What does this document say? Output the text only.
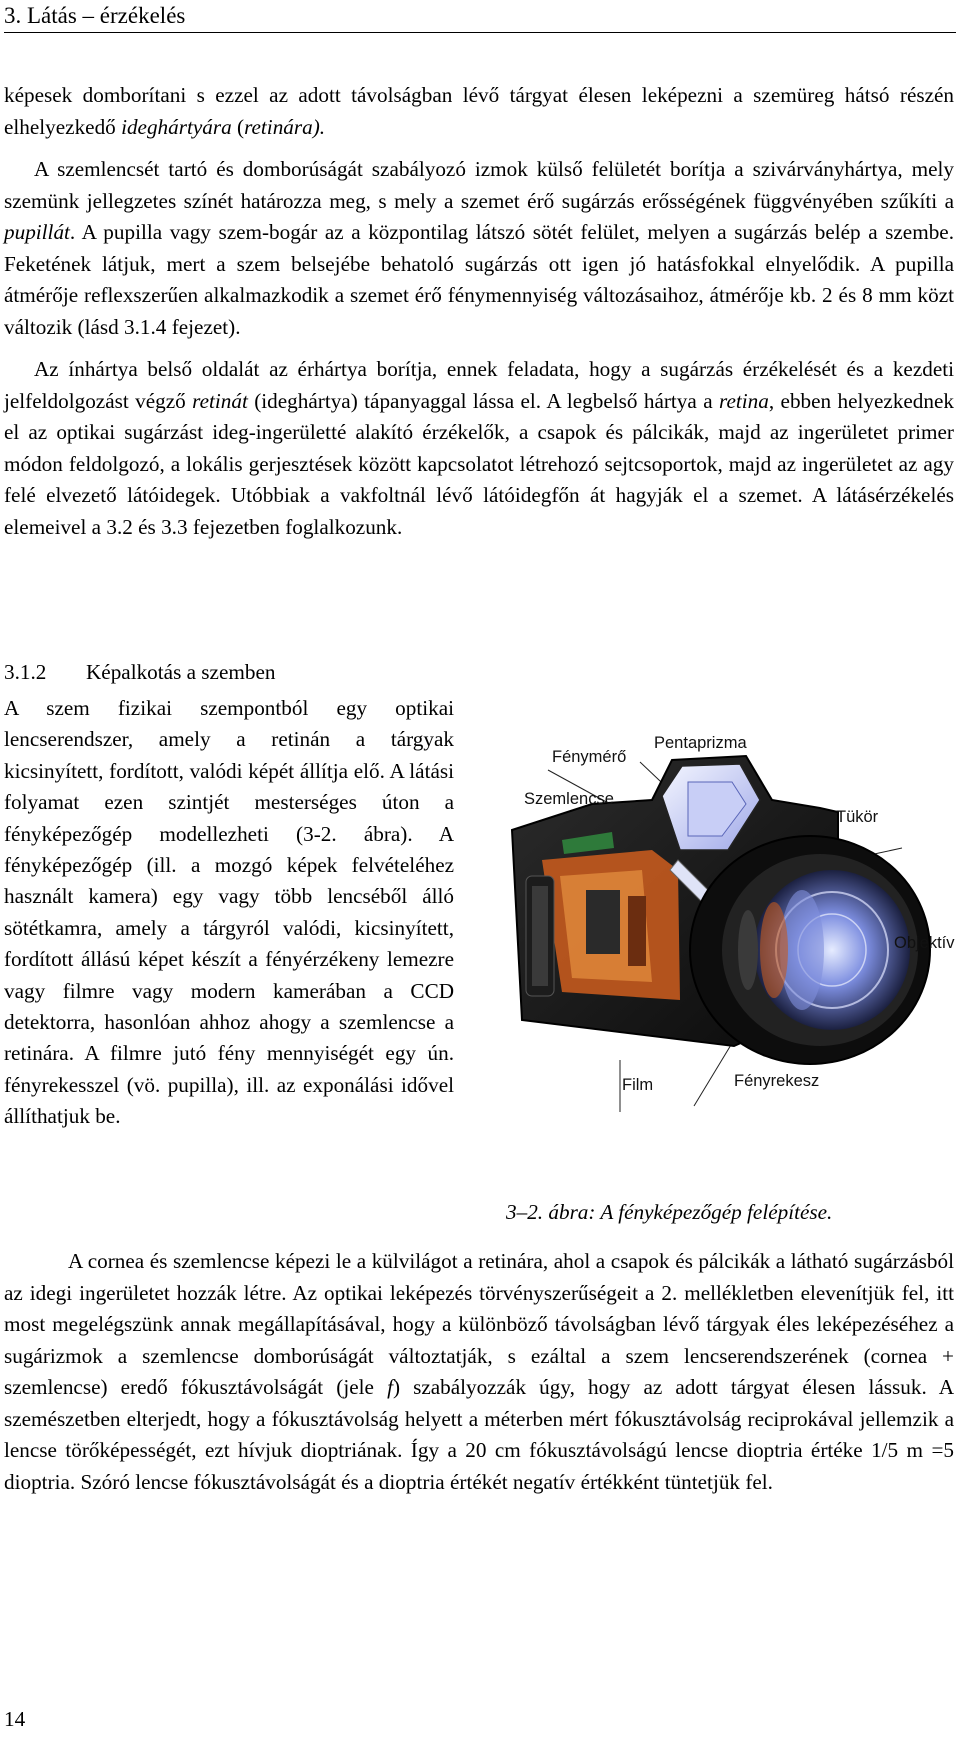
3. Látás – érzékelés

képesek domborítani s ezzel az adott távolságban lévő tárgyat élesen leképezni a szemüreg hátsó részén elhelyezkedő ideghártyára (retinára).

A szemlencsét tartó és domborúságát szabályozó izmok külső felületét borítja a szivárványhártya, mely szemünk jellegzetes színét határozza meg, s mely a szemet érő sugárzás erősségének függvényében szűkíti a pupillát. A pupilla vagy szem-bogár az a központilag látszó sötét felület, melyen a sugárzás belép a szembe. Feketének látjuk, mert a szem belsejébe behatoló sugárzás ott igen jó hatásfokkal elnyelődik. A pupilla átmérője reflexszerűen alkalmazkodik a szemet érő fénymennyiség változásaihoz, átmérője kb. 2 és 8 mm közt változik (lásd 3.1.4 fejezet).

Az ínhártya belső oldalát az érhártya borítja, ennek feladata, hogy a sugárzás érzékelését és a kezdeti jelfeldolgozást végző retinát (ideghártya) tápanyaggal lássa el. A legbelső hártya a retina, ebben helyezkednek el az optikai sugárzást ideg-ingerületté alakító érzékelők, a csapok és pálcikák, majd az ingerületet primer módon feldolgozó, a lokális gerjesztések között kapcsolatot létrehozó sejtcsoportok, majd az ingerületet az agy felé elvezető látóidegek. Utóbbiak a vakfoltnál lévő látóidegfőn át hagyják el a szemet. A látásérzékelés elemeivel a 3.2 és 3.3 fejezetben foglalkozunk.

3.1.2 Képalkotás a szemben

A szem fizikai szempontból egy optikai lencserendszer, amely a retinán a tárgyak kicsinyített, fordított, valódi képét állítja elő. A látási folyamat ezen szintjét mesterséges úton a fényképezőgép modellezheti (3-2. ábra). A fényképezőgép (ill. a mozgó képek felvételéhez használt kamera) egy vagy több lencséből álló sötétkamra, amely a tárgyról valódi, kicsinyített, fordított állású képet készít a fényérzékeny lemezre vagy filmre vagy modern kamerában a CCD detektorra, hasonlóan ahhoz ahogy a szemlencse a retinára. A filmre jutó fény mennyiségét egy ún. fényrekesszel (vö. pupilla), ill. az exponálási idővel állíthatjuk be.

Fénymérő
Pentaprizma
Szemlencse
Tükör
Objektív
Film	Fényrekesz
3–2. ábra: A fényképezőgép felépítése.

A cornea és szemlencse képezi le a külvilágot a retinára, ahol a csapok és pálcikák a látható sugárzásból az idegi ingerületet hozzák létre. Az optikai leképezés törvényszerűségeit a 2. mellékletben elevenítjük fel, itt most megelégszünk annak megállapításával, hogy a különböző távolságban lévő tárgyak éles leképezéséhez a sugárizmok a szemlencse domborúságát változtatják, s ezáltal a szem lencserendszerének (cornea + szemlencse) eredő fókusztávolságát (jele f) szabályozzák úgy, hogy az adott tárgyat élesen lássuk. A szemészetben elterjedt, hogy a fókusztávolság helyett a méterben mért fókusztávolság reciprokával jellemzik a lencse törőképességét, ezt hívjuk dioptriának. Így a 20 cm fókusztávolságú lencse dioptria értéke 1/5 m =5 dioptria. Szóró lencse fókusztávolságát és a dioptria értékét negatív értékként tüntetjük fel.

14
